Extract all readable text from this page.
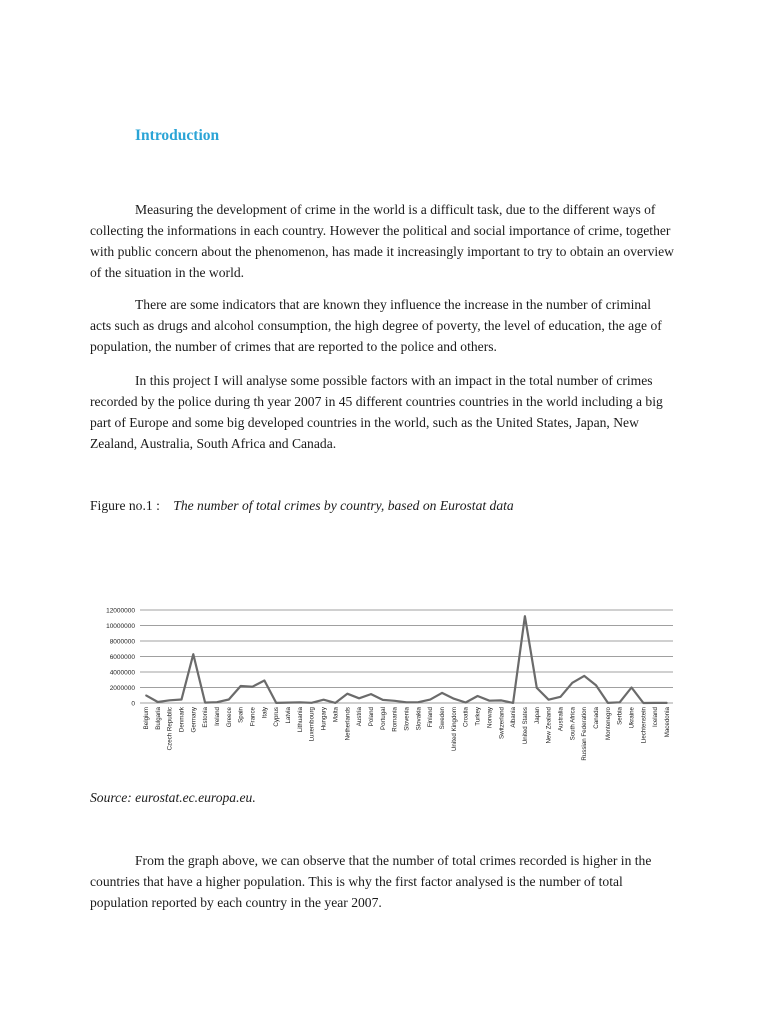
Introduction

Measuring the development of crime in the world is a difficult task, due to the different ways of collecting the informations in each country. However the political and social importance of crime, together with public concern about the phenomenon, has made it increasingly important to try to obtain an overview of the situation in the world.

There are some indicators that are known they influence the increase in the number of criminal acts such as drugs and alcohol consumption, the high degree of poverty, the level of education, the age of population, the number of crimes that are reported to the police and others.

In this project I will analyse some possible factors with an impact in the total number of crimes recorded by the police during th year 2007 in 45 different countries countries in the world including a big part of Europe and some big developed countries in the world, such as the United States, Japan, New Zealand, Australia, South Africa and Canada.

Figure no.1 : The number of total crimes by country, based on Eurostat data
0
2000000
4000000
6000000
8000000
10000000
12000000
Belgium Bulgaria Czech Republic Denmark Germany Estonia Ireland Greece Spain France Italy Cyprus Latvia Lithuania Luxembourg Hungary Malta Netherlands Austria Poland Portugal Romania Slovenia Slovakia Finland Sweden United Kingdom Croatia Turkey Norway Switzerland Albania United States Japan New Zealand Australia South Africa Russian Federation Canada Montenegro Serbia Ukraine Liechtenstein Iceland Macedonia
Source: eurostat.ec.europa.eu.

From the graph above, we can observe that the number of total crimes recorded is higher in the countries that have a higher population. This is why the first factor analysed is the number of total population reported by each country in the year 2007.
